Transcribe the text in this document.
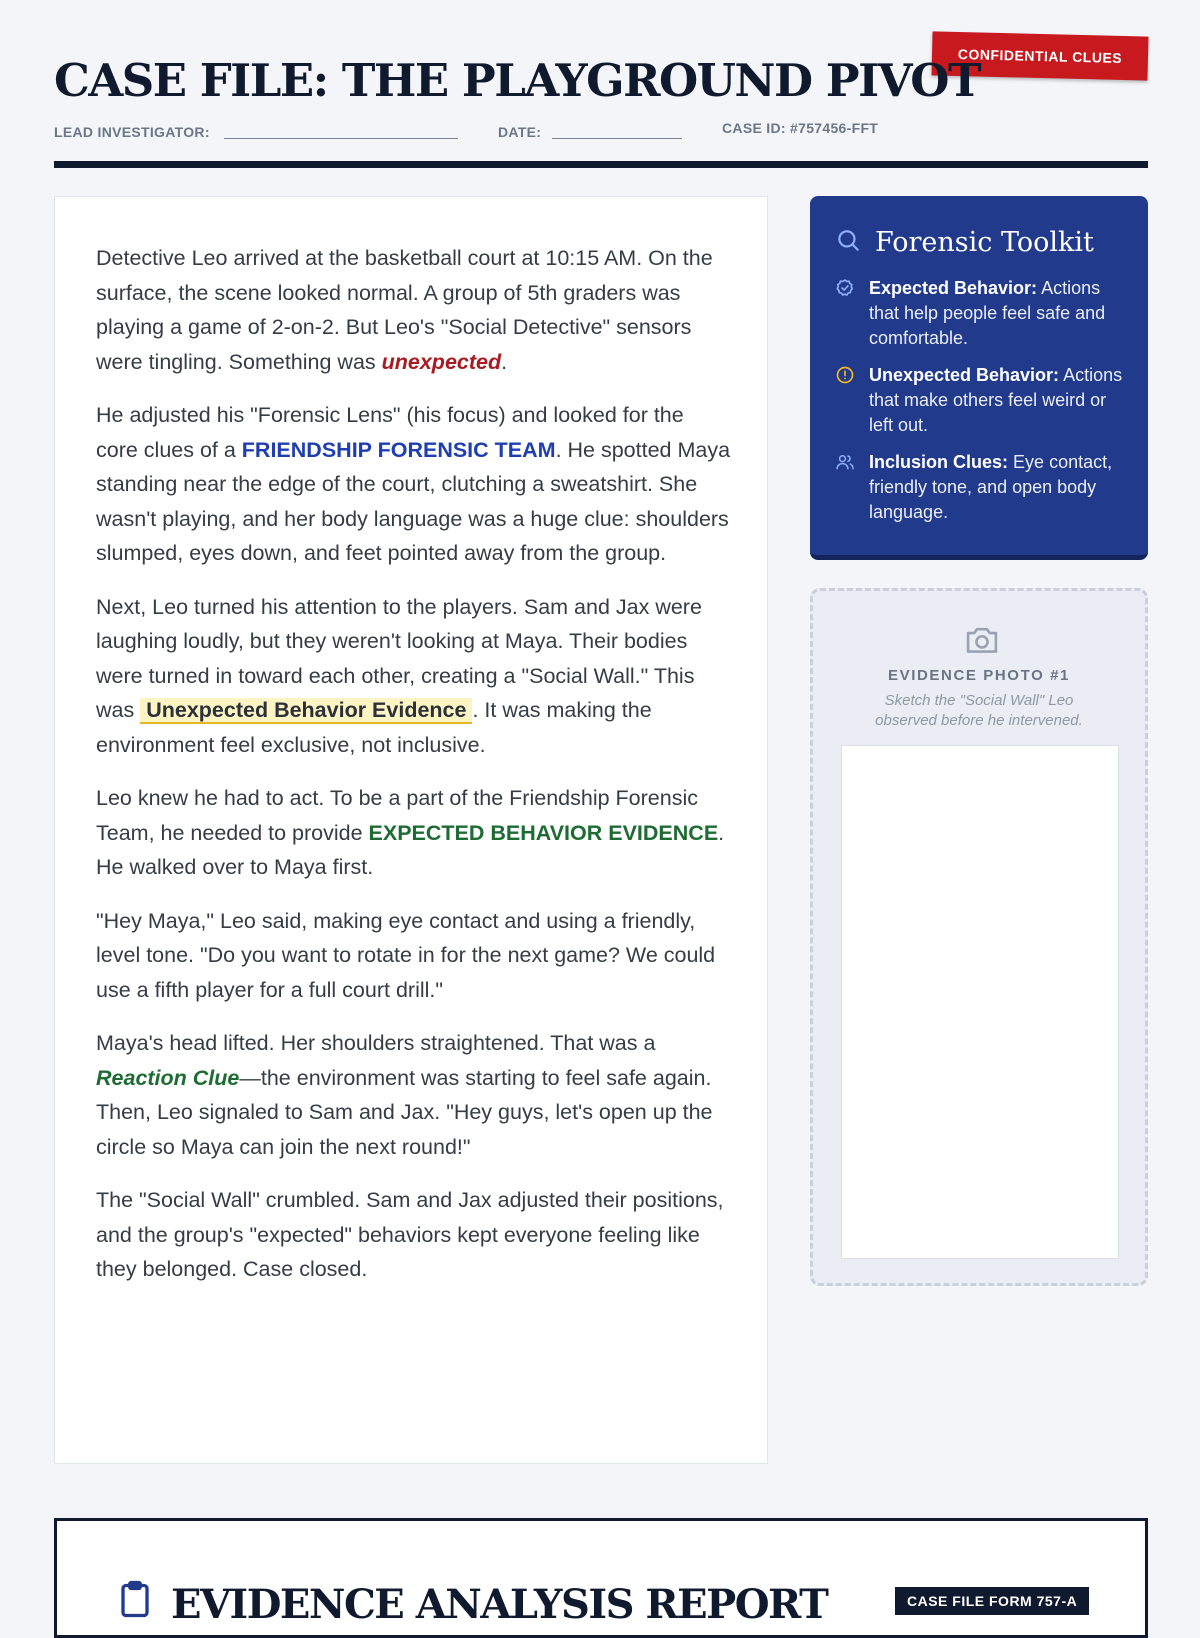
CONFIDENTIAL CLUES
CASE FILE: THE PLAYGROUND PIVOT
LEAD INVESTIGATOR:	DATE:	CASE ID: #757456-FFT

Detective Leo arrived at the basketball court at 10:15 AM. On the surface, the scene looked normal. A group of 5th graders was playing a game of 2-on-2. But Leo's "Social Detective" sensors were tingling. Something was unexpected.

He adjusted his "Forensic Lens" (his focus) and looked for the core clues of a FRIENDSHIP FORENSIC TEAM. He spotted Maya standing near the edge of the court, clutching a sweatshirt. She wasn't playing, and her body language was a huge clue: shoulders slumped, eyes down, and feet pointed away from the group.

Next, Leo turned his attention to the players. Sam and Jax were laughing loudly, but they weren't looking at Maya. Their bodies were turned in toward each other, creating a "Social Wall." This was Unexpected Behavior Evidence . It was making the environment feel exclusive, not inclusive.

Leo knew he had to act. To be a part of the Friendship Forensic Team, he needed to provide EXPECTED BEHAVIOR EVIDENCE. He walked over to Maya first.

"Hey Maya," Leo said, making eye contact and using a friendly, level tone. "Do you want to rotate in for the next game? We could use a fifth player for a full court drill."

Maya's head lifted. Her shoulders straightened. That was a Reaction Clue—the environment was starting to feel safe again. Then, Leo signaled to Sam and Jax. "Hey guys, let's open up the circle so Maya can join the next round!"

The "Social Wall" crumbled. Sam and Jax adjusted their positions, and the group's "expected" behaviors kept everyone feeling like they belonged. Case closed.

Forensic Toolkit
Expected Behavior: Actions that help people feel safe and comfortable.
Unexpected Behavior: Actions that make others feel weird or left out.
Inclusion Clues: Eye contact, friendly tone, and open body language.
EVIDENCE PHOTO #1
Sketch the "Social Wall" Leo observed before he intervened.
EVIDENCE ANALYSIS REPORT	CASE FILE FORM 757-A
